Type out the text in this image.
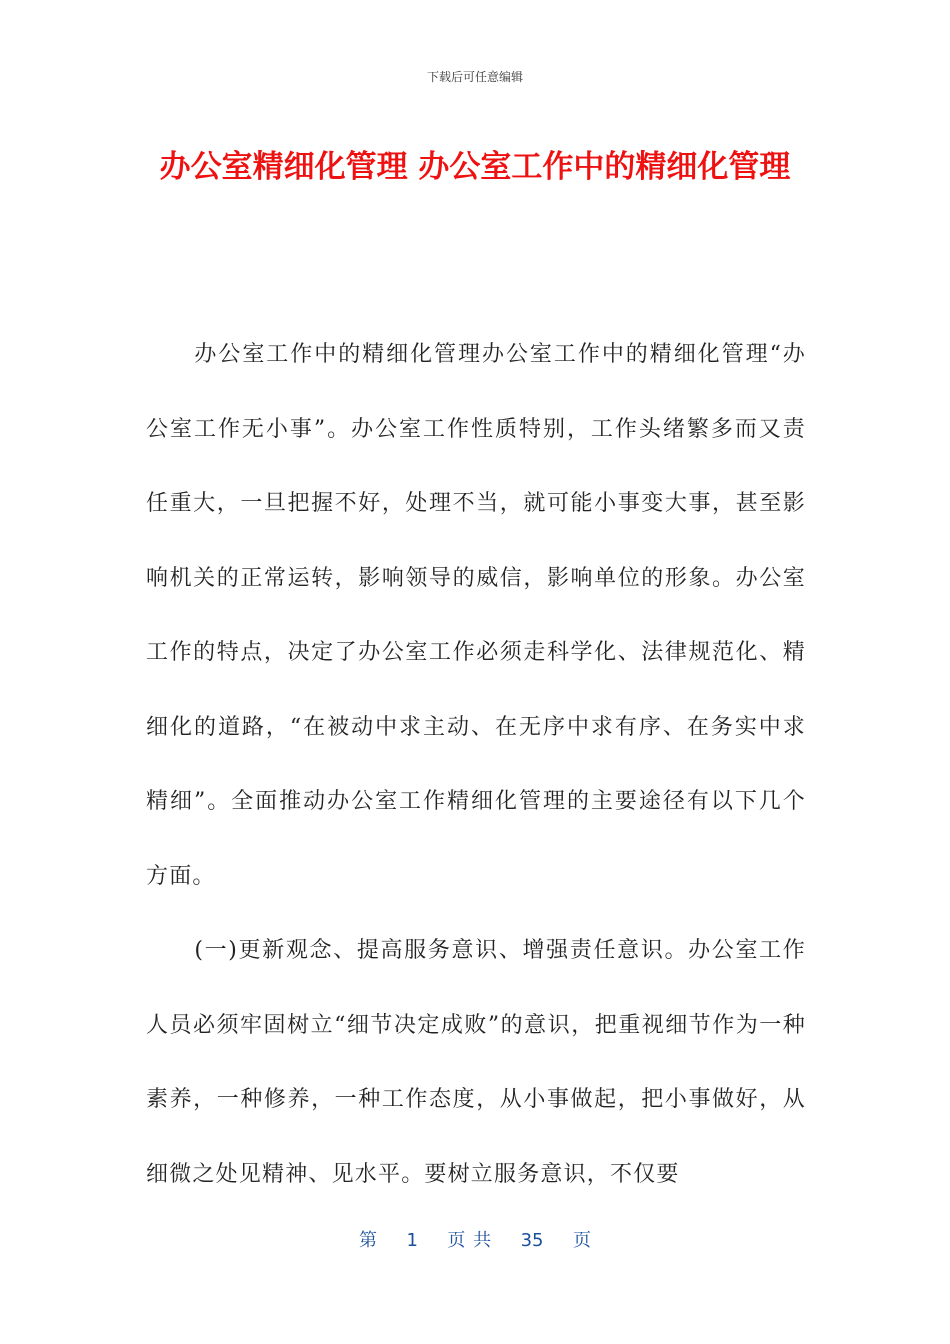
下载后可任意编辑
办公室精细化管理 办公室工作中的精细化管理

办公室工作中的精细化管理办公室工作中的精细化管理“办公室工作无小事”。办公室工作性质特别，工作头绪繁多而又责任重大，一旦把握不好，处理不当，就可能小事变大事，甚至影响机关的正常运转，影响领导的威信，影响单位的形象。办公室工作的特点，决定了办公室工作必须走科学化、法律规范化、精细化的道路，“在被动中求主动、在无序中求有序、在务实中求精细”。全面推动办公室工作精细化管理的主要途径有以下几个方面。

(一)更新观念、提高服务意识、增强责任意识。办公室工作人员必须牢固树立“细节决定成败”的意识，把重视细节作为一种素养，一种修养，一种工作态度，从小事做起，把小事做好，从细微之处见精神、见水平。要树立服务意识，不仅要

第 1 页 共 35 页
